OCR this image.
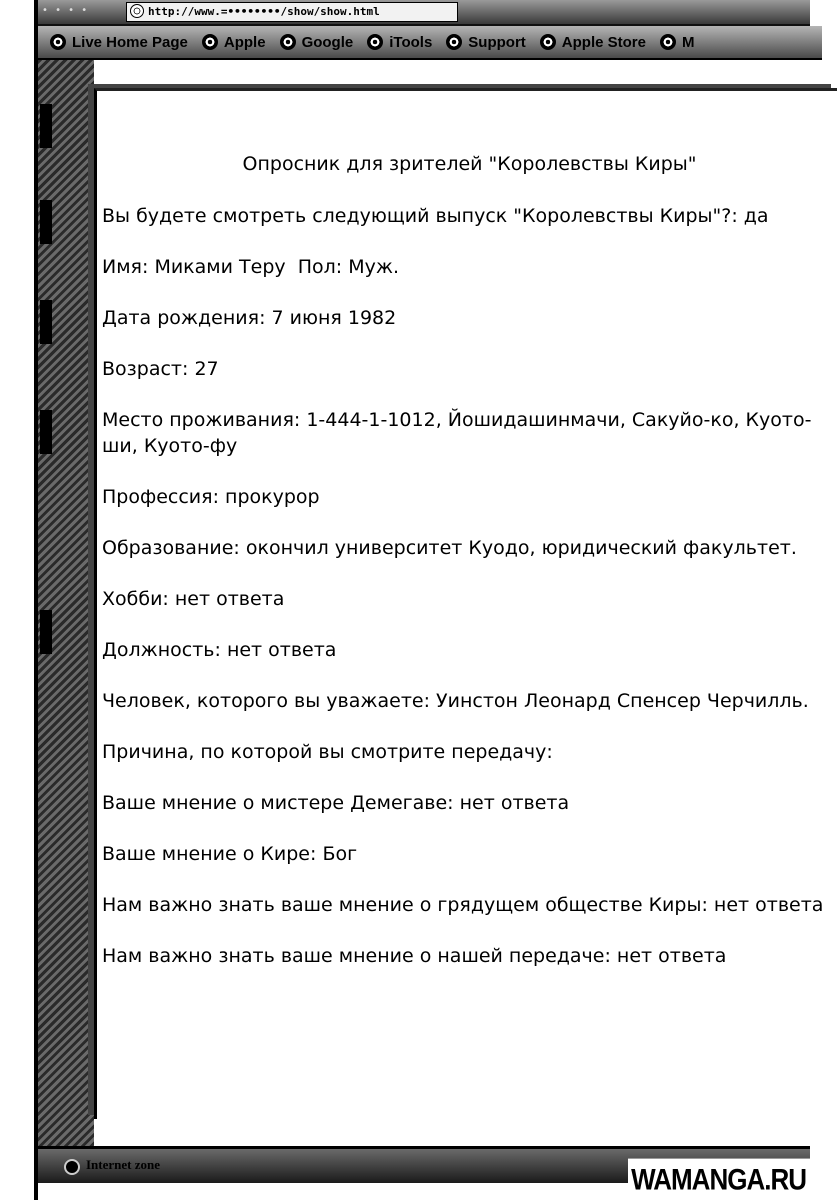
• • • •	http://www.=••••••••/show/show.html
Live Home Page Apple Google iTools Support Apple Store M
Опросник для зрителей "Королевствы Киры"
Вы будете смотреть следующий выпуск "Королевствы Киры"?: да
Имя: Миками Теру  Пол: Муж.
Дата рождения: 7 июня 1982
Возраст: 27
Место проживания: 1-444-1-1012, Йошидашинмачи, Сакуйо-ко, Куото-ши, Куото-фу
Профессия: прокурор
Образование: окончил университет Куодо, юридический факультет.
Хобби: нет ответа
Должность: нет ответа
Человек, которого вы уважаете: Уинстон Леонард Спенсер Черчилль.
Причина, по которой вы смотрите передачу:
Ваше мнение о мистере Демегаве: нет ответа
Ваше мнение о Кире: Бог
Нам важно знать ваше мнение о грядущем обществе Киры: нет ответа
Нам важно знать ваше мнение о нашей передаче: нет ответа
Internet zone	WAMANGA.RU
